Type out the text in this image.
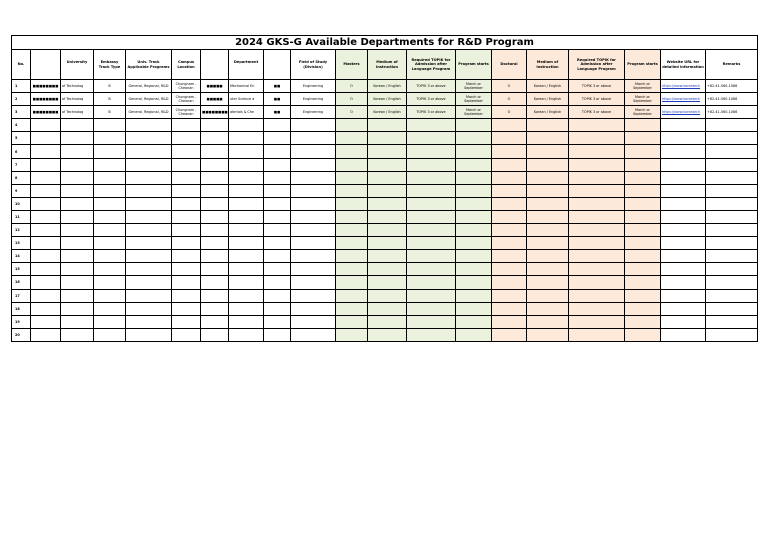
2024 GKS-G Available Departments for R&D Program																			
No.	　　	University 　　　　	Embassy Track Type	Univ. Track Applicable Programs	Campus Location	　　	Department 　　　　	　　	Field of Study (Division)	Masters	Medium of Instruction	Required TOPIK for Admission after Language Program	Program starts	Doctoral	Medium of Instruction	Required TOPIK for Admission after Language Program	Program starts	Website URL for detailed information	Remarks
1	■■■■■■■■	of Technolog	B	General, Regional, R&D	Chungnam - Cheonan	■■■■■	Mechanical En	■■	Engineering	O	Korean / English	TOPIK 3 or above	March or September	O	Korean / English	TOPIK 3 or above	March or September	https://www.koreatech	+82-41-560-1086
2	■■■■■■■■	of Technolog	B	General, Regional, R&D	Chungnam - Cheonan	■■■■■	uter Science a	■■	Engineering	O	Korean / English	TOPIK 3 or above	March or September	O	Korean / English	TOPIK 3 or above	March or September	https://www.koreatech	+82-41-560-1086
3	■■■■■■■■	of Technolog	B	General, Regional, R&D	Chungnam - Cheonan	■■■■■■■■	aterials & Che	■■	Engineering	O	Korean / English	TOPIK 3 or above	March or September	O	Korean / English	TOPIK 3 or above	March or September	https://www.koreatech	+82-41-560-1086
4																			
5																			
6																			
7																			
8																			
9																			
10																			
11																			
12																			
13																			
14																			
15																			
16																			
17																			
18																			
19																			
20																			
